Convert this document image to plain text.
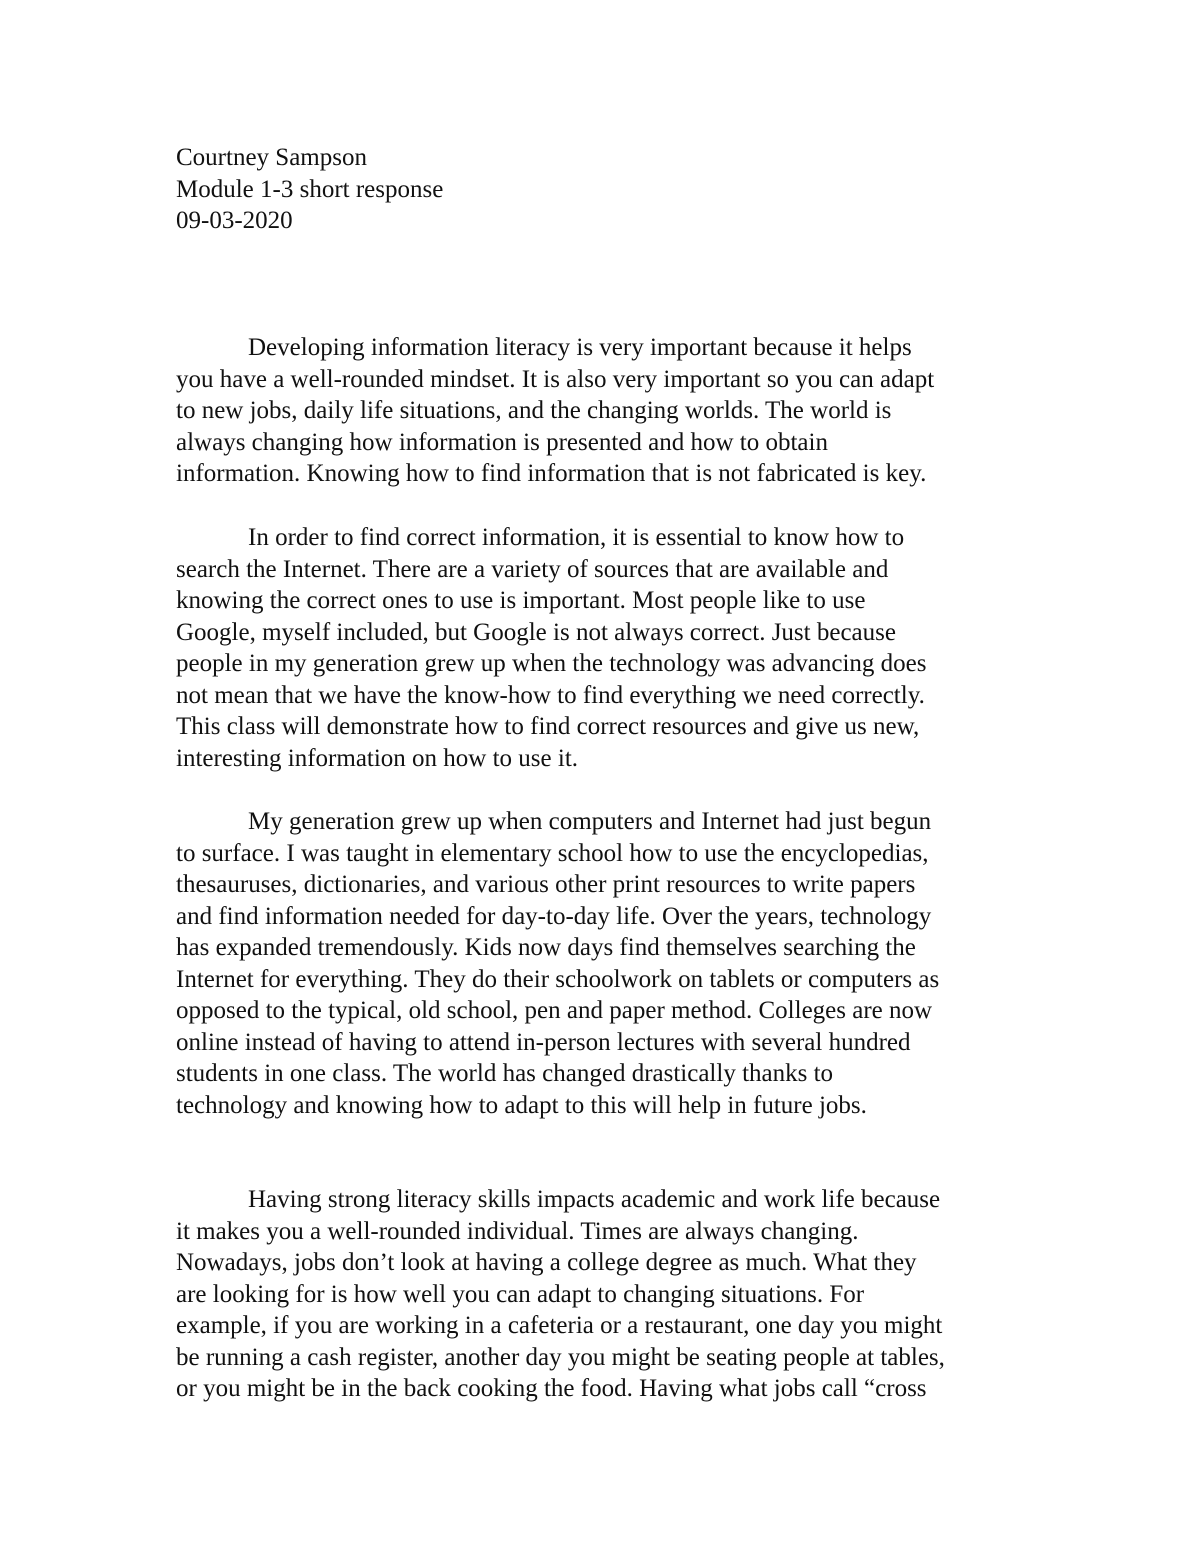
Courtney Sampson
Module 1-3 short response
09-03-2020
Developing information literacy is very important because it helps
you have a well-rounded mindset. It is also very important so you can adapt
to new jobs, daily life situations, and the changing worlds. The world is
always changing how information is presented and how to obtain
information. Knowing how to find information that is not fabricated is key.
In order to find correct information, it is essential to know how to
search the Internet. There are a variety of sources that are available and
knowing the correct ones to use is important. Most people like to use
Google, myself included, but Google is not always correct. Just because
people in my generation grew up when the technology was advancing does
not mean that we have the know-how to find everything we need correctly.
This class will demonstrate how to find correct resources and give us new,
interesting information on how to use it.
My generation grew up when computers and Internet had just begun
to surface. I was taught in elementary school how to use the encyclopedias,
thesauruses, dictionaries, and various other print resources to write papers
and find information needed for day-to-day life. Over the years, technology
has expanded tremendously. Kids now days find themselves searching the
Internet for everything. They do their schoolwork on tablets or computers as
opposed to the typical, old school, pen and paper method. Colleges are now
online instead of having to attend in-person lectures with several hundred
students in one class. The world has changed drastically thanks to
technology and knowing how to adapt to this will help in future jobs.
Having strong literacy skills impacts academic and work life because
it makes you a well-rounded individual. Times are always changing.
Nowadays, jobs don’t look at having a college degree as much. What they
are looking for is how well you can adapt to changing situations. For
example, if you are working in a cafeteria or a restaurant, one day you might
be running a cash register, another day you might be seating people at tables,
or you might be in the back cooking the food. Having what jobs call “cross
